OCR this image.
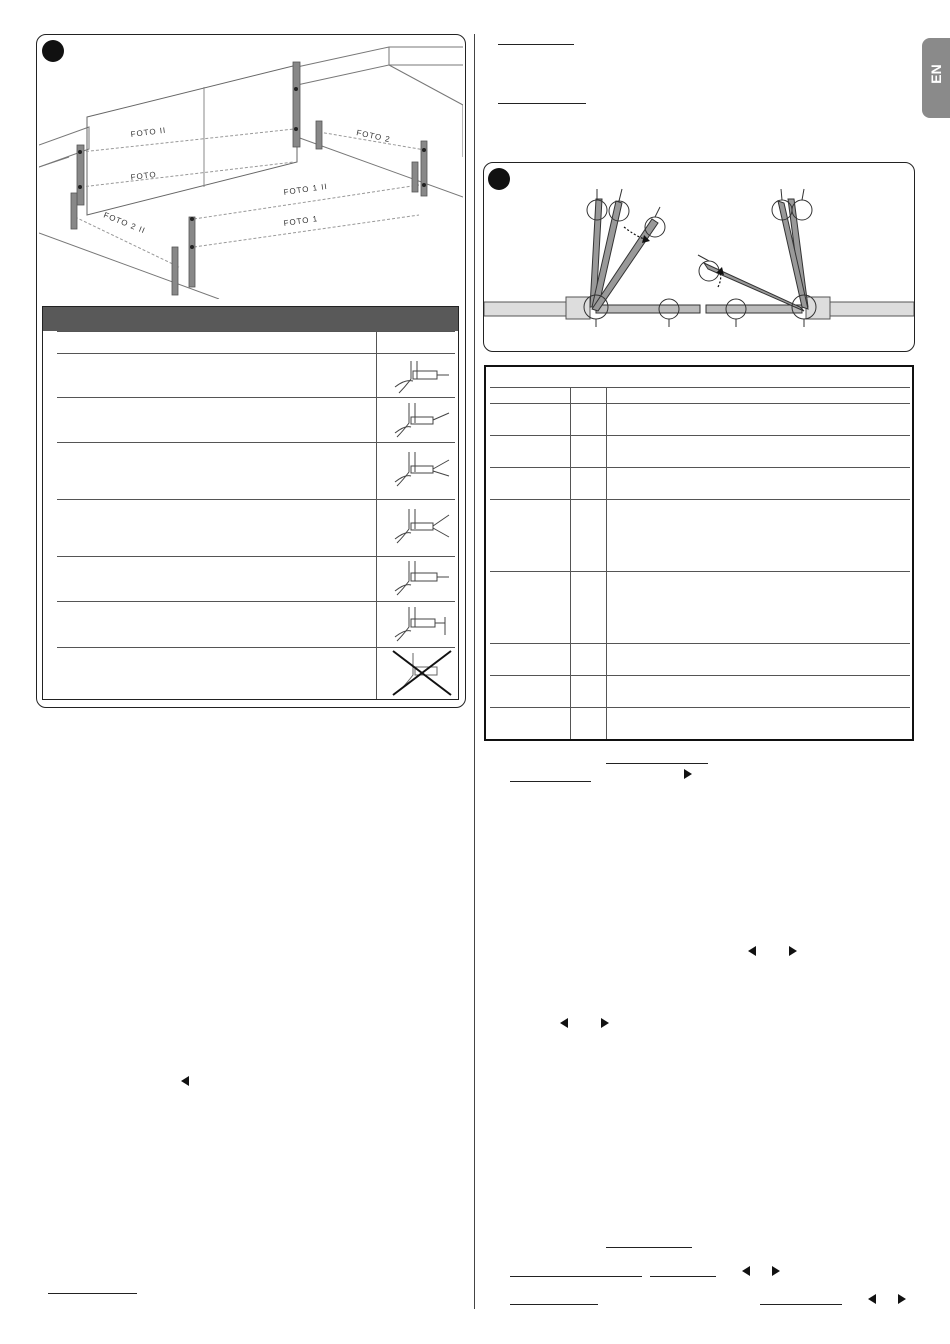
EN
FOTO II
FOTO
FOTO 2
FOTO 1 II
FOTO 2 II	FOTO 1
